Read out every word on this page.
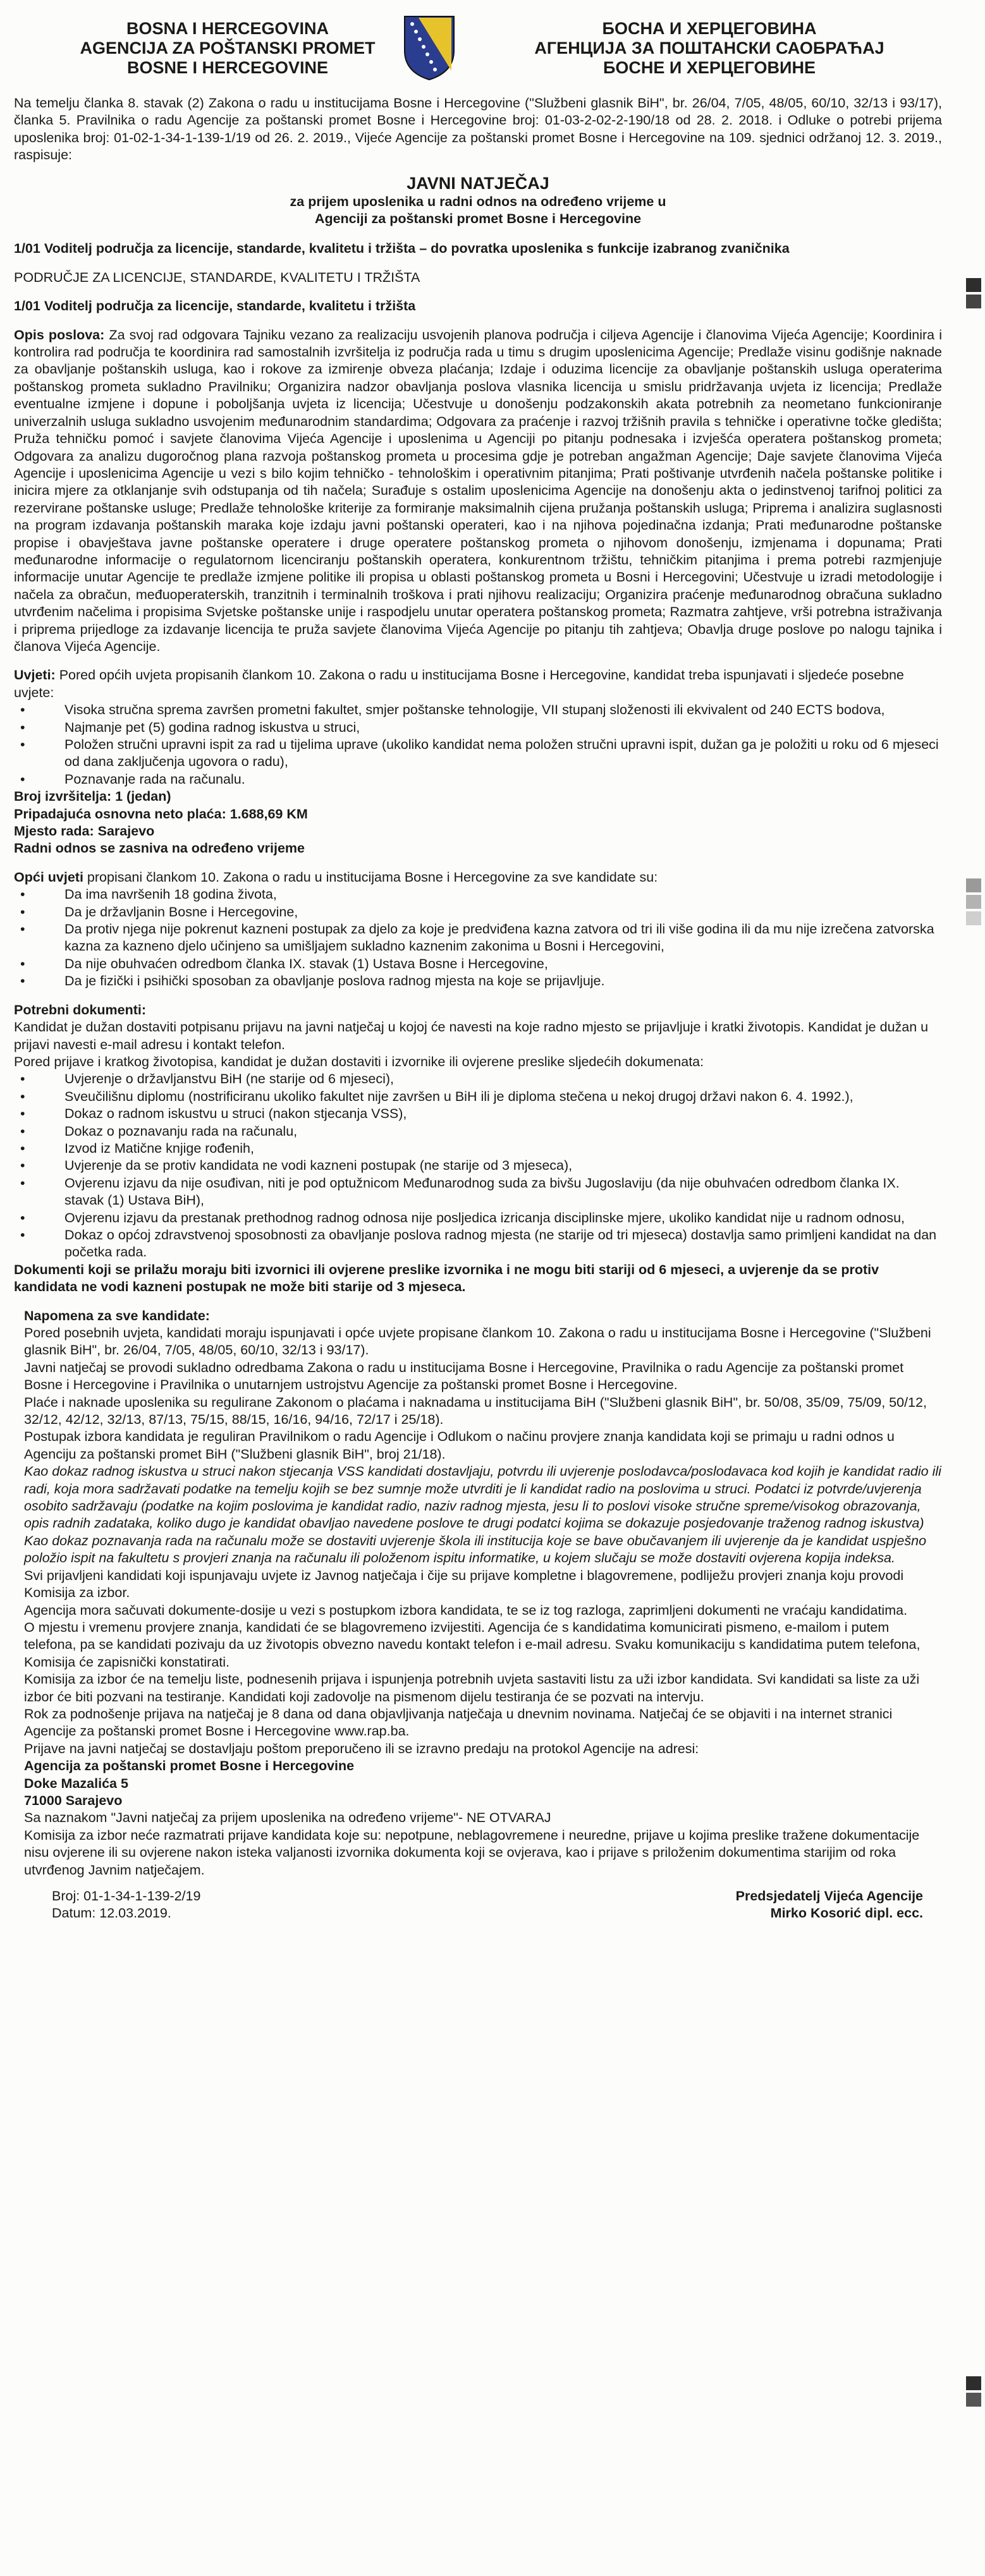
BOSNA I HERCEGOVINA
AGENCIJA ZA POŠTANSKI PROMET
BOSNE I HERCEGOVINE
БОСНА И ХЕРЦЕГОВИНА
АГЕНЦИЈА ЗА ПОШТАНСКИ САОБРАЋАЈ
БОСНЕ И ХЕРЦЕГОВИНЕ

Na temelju članka 8. stavak (2) Zakona o radu u institucijama Bosne i Hercegovine ("Službeni glasnik BiH", br. 26/04, 7/05, 48/05, 60/10, 32/13 i 93/17), članka 5. Pravilnika o radu Agencije za poštanski promet Bosne i Hercegovine broj: 01-03-2-02-2-190/18 od 28. 2. 2018. i Odluke o potrebi prijema uposlenika broj: 01-02-1-34-1-139-1/19 od 26. 2. 2019., Vijeće Agencije za poštanski promet Bosne i Hercegovine na 109. sjednici održanoj 12. 3. 2019., raspisuje:

JAVNI NATJEČAJ

za prijem uposlenika u radni odnos na određeno vrijeme u

Agenciji za poštanski promet Bosne i Hercegovine

1/01 Voditelj područja za licencije, standarde, kvalitetu i tržišta – do povratka uposlenika s funkcije izabranog zvaničnika

PODRUČJE ZA LICENCIJE, STANDARDE, KVALITETU I TRŽIŠTA

1/01 Voditelj područja za licencije, standarde, kvalitetu i tržišta

Opis poslova: Za svoj rad odgovara Tajniku vezano za realizaciju usvojenih planova područja i ciljeva Agencije i članovima Vijeća Agencije; Koordinira i kontrolira rad područja te koordinira rad samostalnih izvršitelja iz područja rada u timu s drugim uposlenicima Agencije; Predlaže visinu godišnje naknade za obavljanje poštanskih usluga, kao i rokove za izmirenje obveza plaćanja; Izdaje i oduzima licencije za obavljanje poštanskih usluga operaterima poštanskog prometa sukladno Pravilniku; Organizira nadzor obavljanja poslova vlasnika licencija u smislu pridržavanja uvjeta iz licencija; Predlaže eventualne izmjene i dopune i poboljšanja uvjeta iz licencija; Učestvuje u donošenju podzakonskih akata potrebnih za neometano funkcioniranje univerzalnih usluga sukladno usvojenim međunarodnim standardima; Odgovara za praćenje i razvoj tržišnih pravila s tehničke i operativne točke gledišta; Pruža tehničku pomoć i savjete članovima Vijeća Agencije i uposlenima u Agenciji po pitanju podnesaka i izvješća operatera poštanskog prometa; Odgovara za analizu dugoročnog plana razvoja poštanskog prometa u procesima gdje je potreban angažman Agencije; Daje savjete članovima Vijeća Agencije i uposlenicima Agencije u vezi s bilo kojim tehničko - tehnološkim i operativnim pitanjima; Prati poštivanje utvrđenih načela poštanske politike i inicira mjere za otklanjanje svih odstupanja od tih načela; Surađuje s ostalim uposlenicima Agencije na donošenju akta o jedinstvenoj tarifnoj politici za rezervirane poštanske usluge; Predlaže tehnološke kriterije za formiranje maksimalnih cijena pružanja poštanskih usluga; Priprema i analizira suglasnosti na program izdavanja poštanskih maraka koje izdaju javni poštanski operateri, kao i na njihova pojedinačna izdanja; Prati međunarodne poštanske propise i obavještava javne poštanske operatere i druge operatere poštanskog prometa o njihovom donošenju, izmjenama i dopunama; Prati međunarodne informacije o regulatornom licenciranju poštanskih operatera, konkurentnom tržištu, tehničkim pitanjima i prema potrebi razmjenjuje informacije unutar Agencije te predlaže izmjene politike ili propisa u oblasti poštanskog prometa u Bosni i Hercegovini; Učestvuje u izradi metodologije i načela za obračun, međuoperaterskih, tranzitnih i terminalnih troškova i prati njihovu realizaciju; Organizira praćenje međunarodnog obračuna sukladno utvrđenim načelima i propisima Svjetske poštanske unije i raspodjelu unutar operatera poštanskog prometa; Razmatra zahtjeve, vrši potrebna istraživanja i priprema prijedloge za izdavanje licencija te pruža savjete članovima Vijeća Agencije po pitanju tih zahtjeva; Obavlja druge poslove po nalogu tajnika i članova Vijeća Agencije.

Uvjeti: Pored općih uvjeta propisanih člankom 10. Zakona o radu u institucijama Bosne i Hercegovine, kandidat treba ispunjavati i sljedeće posebne uvjete:

• Visoka stručna sprema završen prometni fakultet, smjer poštanske tehnologije, VII stupanj složenosti ili ekvivalent od 240 ECTS bodova,
• Najmanje pet (5) godina radnog iskustva u struci,
• Položen stručni upravni ispit za rad u tijelima uprave (ukoliko kandidat nema položen stručni upravni ispit, dužan ga je položiti u roku od 6 mjeseci od dana zaključenja ugovora o radu),
• Poznavanje rada na računalu.

Broj izvršitelja: 1 (jedan)

Pripadajuća osnovna neto plaća: 1.688,69 KM

Mjesto rada: Sarajevo

Radni odnos se zasniva na određeno vrijeme

Opći uvjeti propisani člankom 10. Zakona o radu u institucijama Bosne i Hercegovine za sve kandidate su:

• Da ima navršenih 18 godina života,
• Da je državljanin Bosne i Hercegovine,
• Da protiv njega nije pokrenut kazneni postupak za djelo za koje je predviđena kazna zatvora od tri ili više godina ili da mu nije izrečena zatvorska kazna za kazneno djelo učinjeno sa umišljajem sukladno kaznenim zakonima u Bosni i Hercegovini,
• Da nije obuhvaćen odredbom članka IX. stavak (1) Ustava Bosne i Hercegovine,
• Da je fizički i psihički sposoban za obavljanje poslova radnog mjesta na koje se prijavljuje.

Potrebni dokumenti:

Kandidat je dužan dostaviti potpisanu prijavu na javni natječaj u kojoj će navesti na koje radno mjesto se prijavljuje i kratki životopis. Kandidat je dužan u prijavi navesti e-mail adresu i kontakt telefon.

Pored prijave i kratkog životopisa, kandidat je dužan dostaviti i izvornike ili ovjerene preslike sljedećih dokumenata:

• Uvjerenje o državljanstvu BiH (ne starije od 6 mjeseci),
• Sveučilišnu diplomu (nostrificiranu ukoliko fakultet nije završen u BiH ili je diploma stečena u nekoj drugoj državi nakon 6. 4. 1992.),
• Dokaz o radnom iskustvu u struci (nakon stjecanja VSS),
• Dokaz o poznavanju rada na računalu,
• Izvod iz Matične knjige rođenih,
• Uvjerenje da se protiv kandidata ne vodi kazneni postupak (ne starije od 3 mjeseca),
• Ovjerenu izjavu da nije osuđivan, niti je pod optužnicom Međunarodnog suda za bivšu Jugoslaviju (da nije obuhvaćen odredbom članka IX. stavak (1) Ustava BiH),
• Ovjerenu izjavu da prestanak prethodnog radnog odnosa nije posljedica izricanja disciplinske mjere, ukoliko kandidat nije u radnom odnosu,
• Dokaz o općoj zdravstvenoj sposobnosti za obavljanje poslova radnog mjesta (ne starije od tri mjeseca) dostavlja samo primljeni kandidat na dan početka rada.

Dokumenti koji se prilažu moraju biti izvornici ili ovjerene preslike izvornika i ne mogu biti stariji od 6 mjeseci, a uvjerenje da se protiv kandidata ne vodi kazneni postupak ne može biti starije od 3 mjeseca.

Napomena za sve kandidate:

Pored posebnih uvjeta, kandidati moraju ispunjavati i opće uvjete propisane člankom 10. Zakona o radu u institucijama Bosne i Hercegovine ("Službeni glasnik BiH", br. 26/04, 7/05, 48/05, 60/10, 32/13 i 93/17).

Javni natječaj se provodi sukladno odredbama Zakona o radu u institucijama Bosne i Hercegovine, Pravilnika o radu Agencije za poštanski promet Bosne i Hercegovine i Pravilnika o unutarnjem ustrojstvu Agencije za poštanski promet Bosne i Hercegovine.

Plaće i naknade uposlenika su regulirane Zakonom o plaćama i naknadama u institucijama BiH ("Službeni glasnik BiH", br. 50/08, 35/09, 75/09, 50/12, 32/12, 42/12, 32/13, 87/13, 75/15, 88/15, 16/16, 94/16, 72/17 i 25/18).

Postupak izbora kandidata je reguliran Pravilnikom o radu Agencije i Odlukom o načinu provjere znanja kandidata koji se primaju u radni odnos u Agenciju za poštanski promet BiH ("Službeni glasnik BiH", broj 21/18).

Kao dokaz radnog iskustva u struci nakon stjecanja VSS kandidati dostavljaju, potvrdu ili uvjerenje poslodavca/poslodavaca kod kojih je kandidat radio ili radi, koja mora sadržavati podatke na temelju kojih se bez sumnje može utvrditi je li kandidat radio na poslovima u struci. Podatci iz potvrde/uvjerenja osobito sadržavaju (podatke na kojim poslovima je kandidat radio, naziv radnog mjesta, jesu li to poslovi visoke stručne spreme/visokog obrazovanja, opis radnih zadataka, koliko dugo je kandidat obavljao navedene poslove te drugi podatci kojima se dokazuje posjedovanje traženog radnog iskustva)

Kao dokaz poznavanja rada na računalu može se dostaviti uvjerenje škola ili institucija koje se bave obučavanjem ili uvjerenje da je kandidat uspješno položio ispit na fakultetu s provjeri znanja na računalu ili položenom ispitu informatike, u kojem slučaju se može dostaviti ovjerena kopija indeksa.

Svi prijavljeni kandidati koji ispunjavaju uvjete iz Javnog natječaja i čije su prijave kompletne i blagovremene, podliježu provjeri znanja koju provodi Komisija za izbor.

Agencija mora sačuvati dokumente-dosije u vezi s postupkom izbora kandidata, te se iz tog razloga, zaprimljeni dokumenti ne vraćaju kandidatima.

O mjestu i vremenu provjere znanja, kandidati će se blagovremeno izvijestiti. Agencija će s kandidatima komunicirati pismeno, e-mailom i putem telefona, pa se kandidati pozivaju da uz životopis obvezno navedu kontakt telefon i e-mail adresu. Svaku komunikaciju s kandidatima putem telefona, Komisija će zapisnički konstatirati.

Komisija za izbor će na temelju liste, podnesenih prijava i ispunjenja potrebnih uvjeta sastaviti listu za uži izbor kandidata. Svi kandidati sa liste za uži izbor će biti pozvani na testiranje. Kandidati koji zadovolje na pismenom dijelu testiranja će se pozvati na intervju.

Rok za podnošenje prijava na natječaj je 8 dana od dana objavljivanja natječaja u dnevnim novinama. Natječaj će se objaviti i na internet stranici Agencije za poštanski promet Bosne i Hercegovine www.rap.ba.

Prijave na javni natječaj se dostavljaju poštom preporučeno ili se izravno predaju na protokol Agencije na adresi:

Agencija za poštanski promet Bosne i Hercegovine

Doke Mazalića 5

71000 Sarajevo

Sa naznakom "Javni natječaj za prijem uposlenika na određeno vrijeme"- NE OTVARAJ

Komisija za izbor neće razmatrati prijave kandidata koje su: nepotpune, neblagovremene i neuredne, prijave u kojima preslike tražene dokumentacije nisu ovjerene ili su ovjerene nakon isteka valjanosti izvornika dokumenta koji se ovjerava, kao i prijave s priloženim dokumentima starijim od roka utvrđenog Javnim natječajem.

Broj: 01-1-34-1-139-2/19

Datum: 12.03.2019.

Predsjedatelj Vijeća Agencije

Mirko Kosorić dipl. ecc.
